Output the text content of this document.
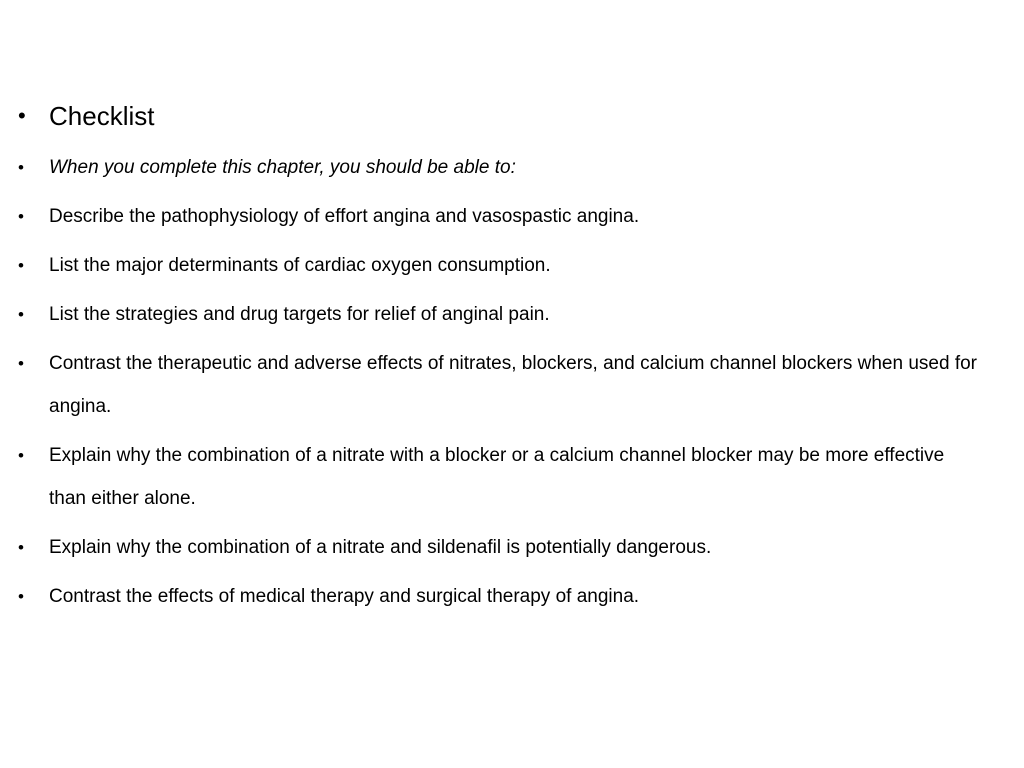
• Checklist
•	When you complete this chapter, you should be able to:
•	Describe the pathophysiology of effort angina and vasospastic angina.
•	List the major determinants of cardiac oxygen consumption.
•	List the strategies and drug targets for relief of anginal pain.
•	Contrast the therapeutic and adverse effects of nitrates, blockers, and calcium channel blockers when used for angina.
•	Explain why the combination of a nitrate with a blocker or a calcium channel blocker may be more effective than either alone.
•	Explain why the combination of a nitrate and sildenafil is potentially dangerous.
•	Contrast the effects of medical therapy and surgical therapy of angina.
